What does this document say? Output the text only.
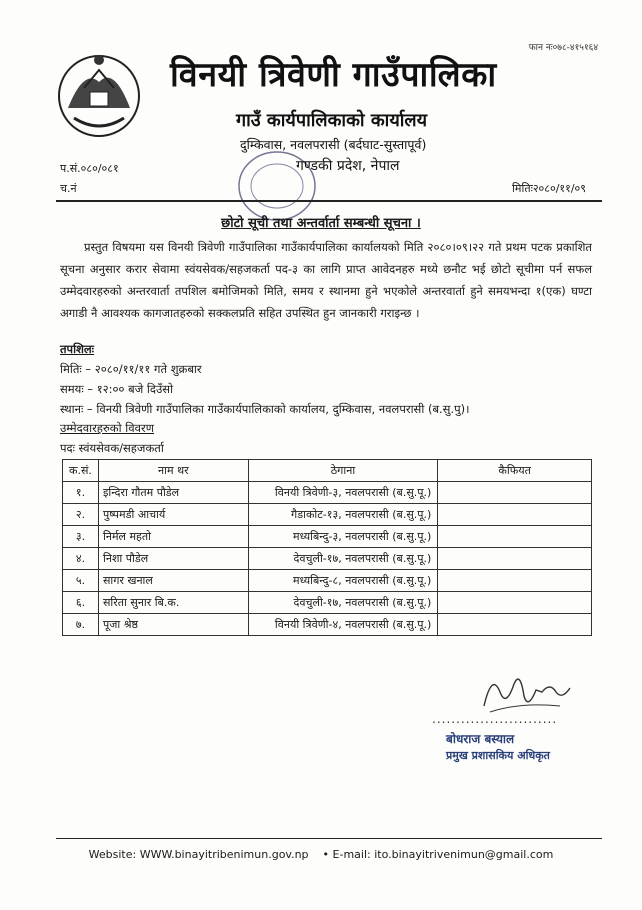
फान नः०७८-४१५१६४
विनयी त्रिवेणी गाउँपालिका
गाउँ कार्यपालिकाको कार्यालय
दुम्किवास, नवलपरासी (बर्दघाट-सुस्तापूर्व)
गण्डकी प्रदेश, नेपाल
प.सं.०८०/०८१
च.नं	मितिः२०८०/११/०९
छोटो सूची तथा अन्तर्वार्ता सम्बन्धी सूचना ।

प्रस्तुत विषयमा यस विनयी त्रिवेणी गाउँपालिका गाउँकार्यपालिका कार्यालयको मिति २०८०।०९।२२ गते प्रथम पटक प्रकाशित सूचना अनुसार करार सेवामा स्वंयसेवक/सहजकर्ता पद-३ का लागि प्राप्त आवेदनहरु मध्ये छनौट भई छोटो सूचीमा पर्न सफल उम्मेदवारहरुको अन्तरवार्ता तपशिल बमोजिमको मिति, समय र स्थानमा हुने भएकोले अन्तरवार्ता हुने समयभन्दा १(एक) घण्टा अगाडी नै आवश्यक कागजातहरुको सक्कलप्रति सहित उपस्थित हुन जानकारी गराइन्छ ।

तपशिलः
मितिः – २०८०/११/११ गते शुक्रबार
समयः – १२:०० बजे दिउँसो
स्थानः – विनयी त्रिवेणी गाउँपालिका गाउँकार्यपालिकाको कार्यालय, दुम्किवास, नवलपरासी (ब.सु.पु)।
उम्मेदवारहरुको विवरण
पदः स्वंयसेवक/सहजकर्ता
क.सं.	नाम थर	ठेगाना	कैफियत
१.	इन्दिरा गौतम पौडेल	विनयी त्रिवेणी-३, नवलपरासी (ब.सु.पू.)	
२.	पुष्पमडी आचार्य	गैडाकोट-१३, नवलपरासी (ब.सु.पू.)	
३.	निर्मल महतो	मध्यबिन्दु-३, नवलपरासी (ब.सु.पू.)	
४.	निशा पौडेल	देवचुली-१७, नवलपरासी (ब.सु.पू.)	
५.	सागर खनाल	मध्यबिन्दु-८, नवलपरासी (ब.सु.पू.)	
६.	सरिता सुनार बि.क.	देवचुली-१७, नवलपरासी (ब.सु.पू.)	
७.	पूजा श्रेष्ठ	विनयी त्रिवेणी-४, नवलपरासी (ब.सु.पू.)	
..........................
बोधराज बस्याल
प्रमुख प्रशासकिय अधिकृत
Website: WWW.binayitribenimun.gov.np • E-mail: ito.binayitrivenimun@gmail.com
